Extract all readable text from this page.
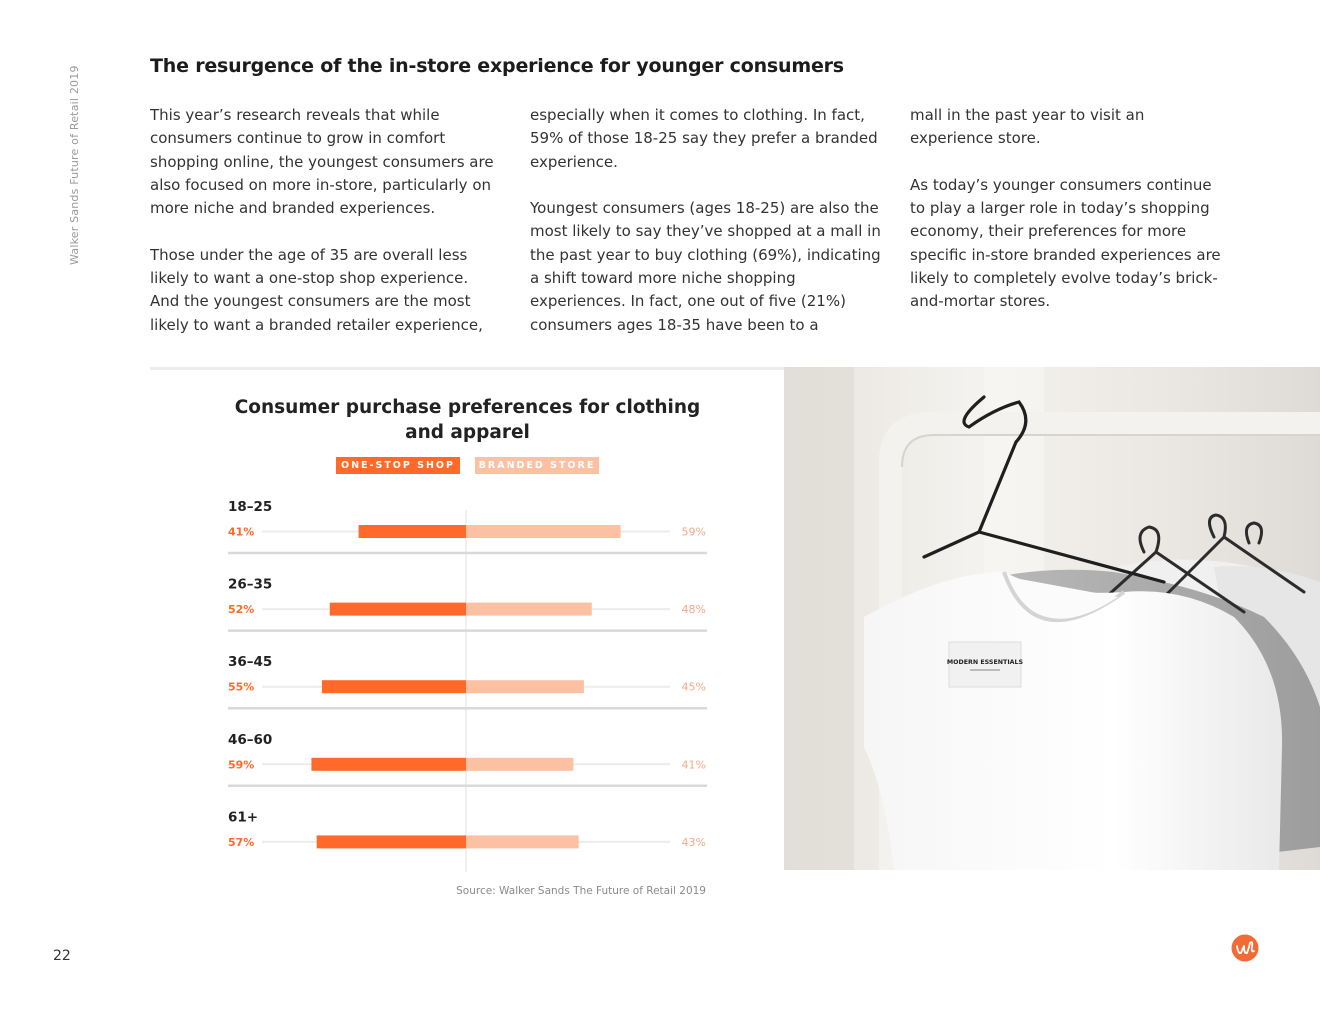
Walker Sands Future of Retail 2019	The resurgence of the in-store experience for younger consumers

This year’s research reveals that while consumers continue to grow in comfort shopping online, the youngest consumers are also focused on more in-store, particularly on more niche and branded experiences.

Those under the age of 35 are overall less likely to want a one-stop shop experience. And the youngest consumers are the most likely to want a branded retailer experience,

especially when it comes to clothing. In fact, 59% of those 18-25 say they prefer a branded experience.

Youngest consumers (ages 18-25) are also the most likely to say they’ve shopped at a mall in the past year to buy clothing (69%), indicating a shift toward more niche shopping experiences. In fact, one out of five (21%) consumers ages 18-35 have been to a

mall in the past year to visit an experience store.

As today’s younger consumers continue to play a larger role in today’s shopping economy, their preferences for more specific in-store branded experiences are likely to completely evolve today’s brick-and-mortar stores.

Consumer purchase preferences for clothing and apparel
ONE-STOP SHOP	BRANDED STORE
18–25
41%	59%
26–35
52%	48%
36–45
55%	45%
46–60
59%	41%
61+
57%	43%
Source: Walker Sands The Future of Retail 2019
MODERN ESSENTIALS
22
